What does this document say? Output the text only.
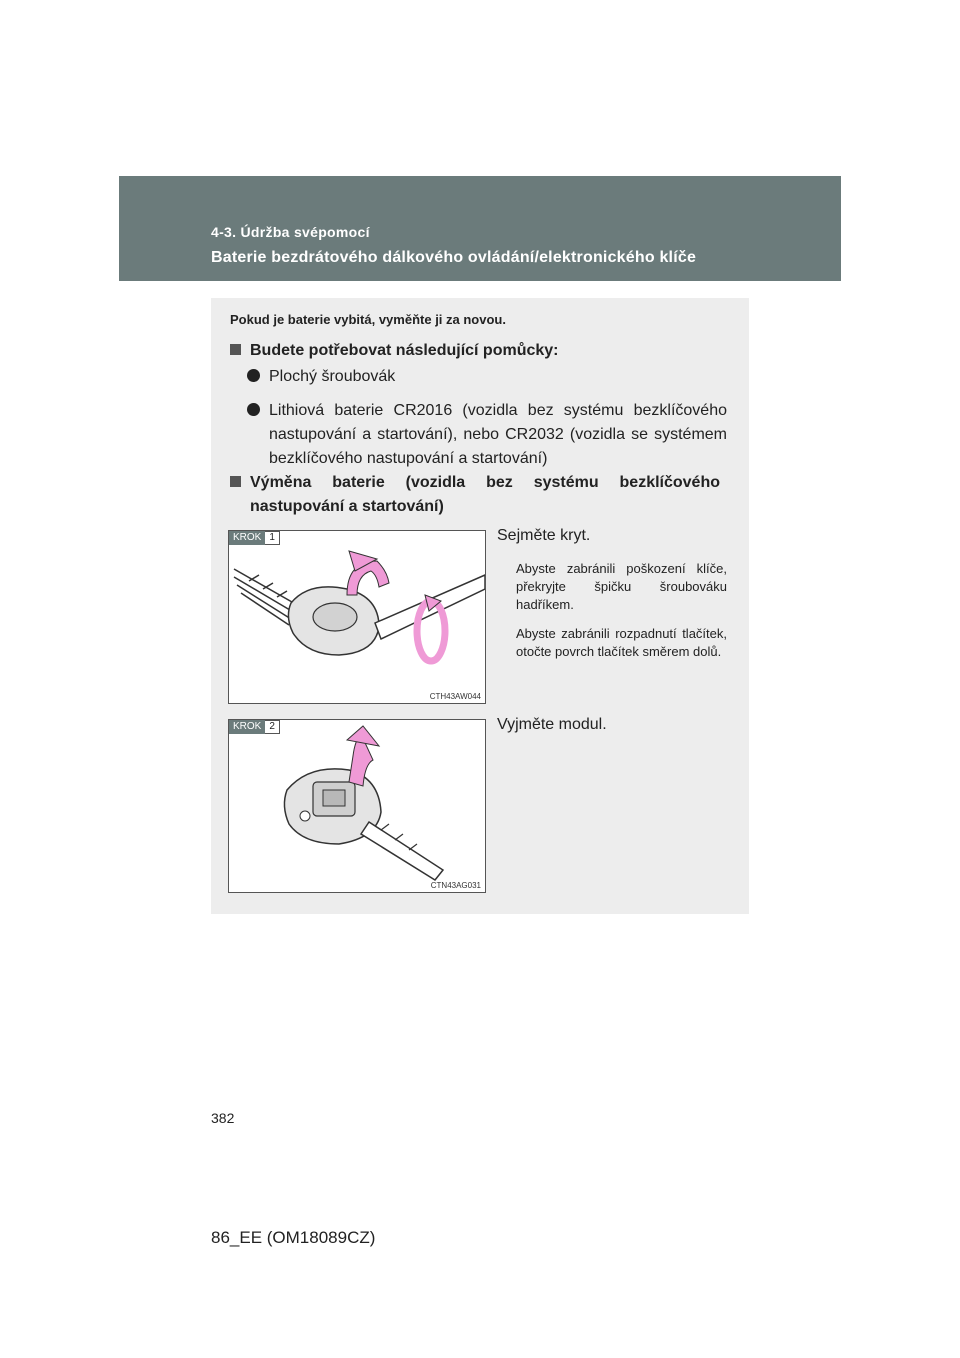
4-3. Údržba svépomocí
Baterie bezdrátového dálkového ovládání/elektronického klíče
Pokud je baterie vybitá, vyměňte ji za novou.
Budete potřebovat následující pomůcky:
Plochý šroubovák
Lithiová baterie CR2016 (vozidla bez systému bezklíčového nastupování a startování), nebo CR2032 (vozidla se systémem bezklíčového nastupování a startování)
Výměna baterie (vozidla bez systému bezklíčového nastupování a startování)
KROK 1
CTH43AW044
Sejměte kryt.
Abyste zabránili poškození klíče, překryjte špičku šroubováku hadříkem.
Abyste zabránili rozpadnutí tlačítek, otočte povrch tlačítek směrem dolů.
KROK 2
CTN43AG031
Vyjměte modul.
382
86_EE (OM18089CZ)
